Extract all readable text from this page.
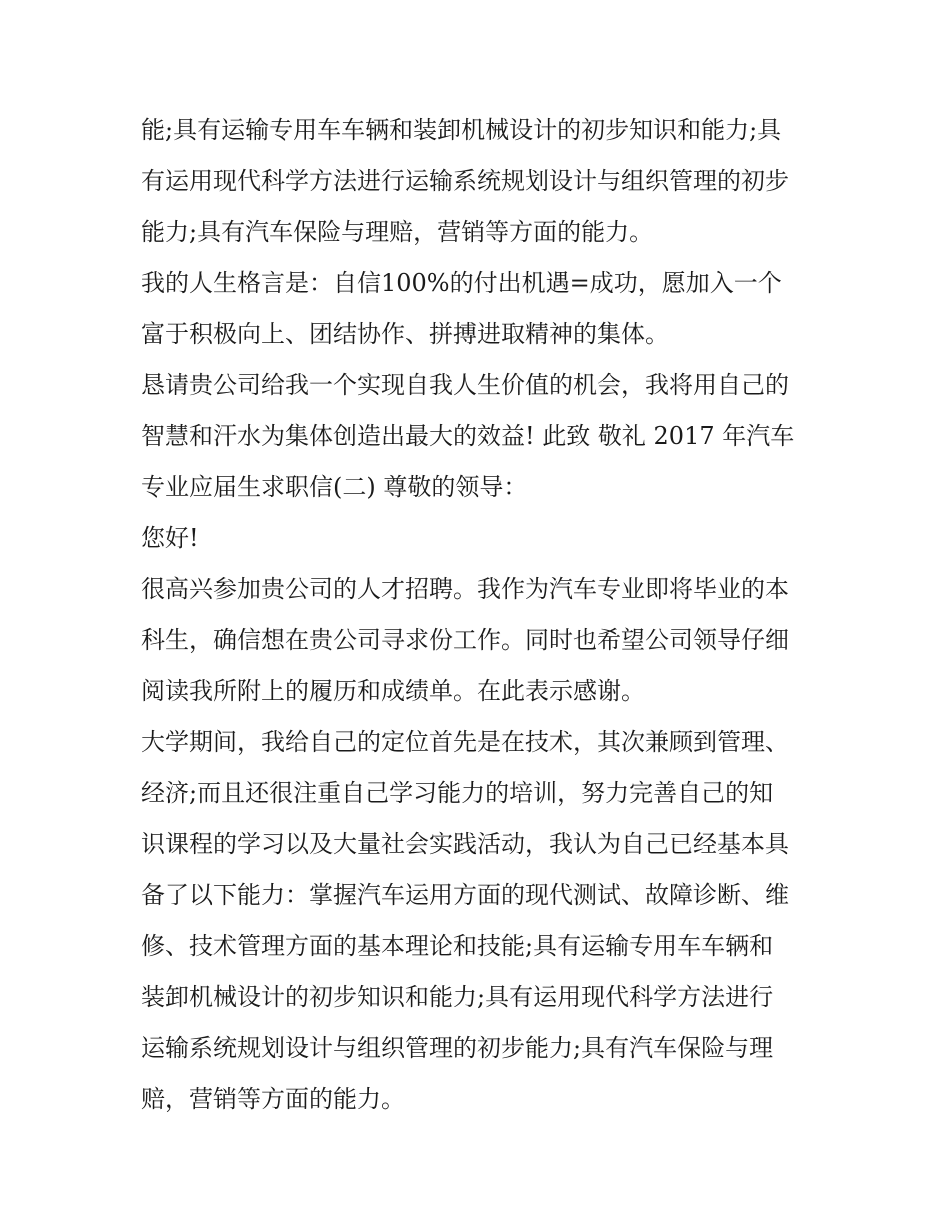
能;具有运输专用车车辆和装卸机械设计的初步知识和能力;具
有运用现代科学方法进行运输系统规划设计与组织管理的初步
能力;具有汽车保险与理赔，营销等方面的能力。
我的人生格言是：自信100%的付出机遇=成功，愿加入一个
富于积极向上、团结协作、拼搏进取精神的集体。
恳请贵公司给我一个实现自我人生价值的机会，我将用自己的
智慧和汗水为集体创造出最大的效益! 此致 敬礼 2017 年汽车
专业应届生求职信(二) 尊敬的领导：
您好!
很高兴参加贵公司的人才招聘。我作为汽车专业即将毕业的本
科生，确信想在贵公司寻求份工作。同时也希望公司领导仔细
阅读我所附上的履历和成绩单。在此表示感谢。
大学期间，我给自己的定位首先是在技术，其次兼顾到管理、
经济;而且还很注重自己学习能力的培训，努力完善自己的知
识课程的学习以及大量社会实践活动，我认为自己已经基本具
备了以下能力：掌握汽车运用方面的现代测试、故障诊断、维
修、技术管理方面的基本理论和技能;具有运输专用车车辆和
装卸机械设计的初步知识和能力;具有运用现代科学方法进行
运输系统规划设计与组织管理的初步能力;具有汽车保险与理
赔，营销等方面的能力。
